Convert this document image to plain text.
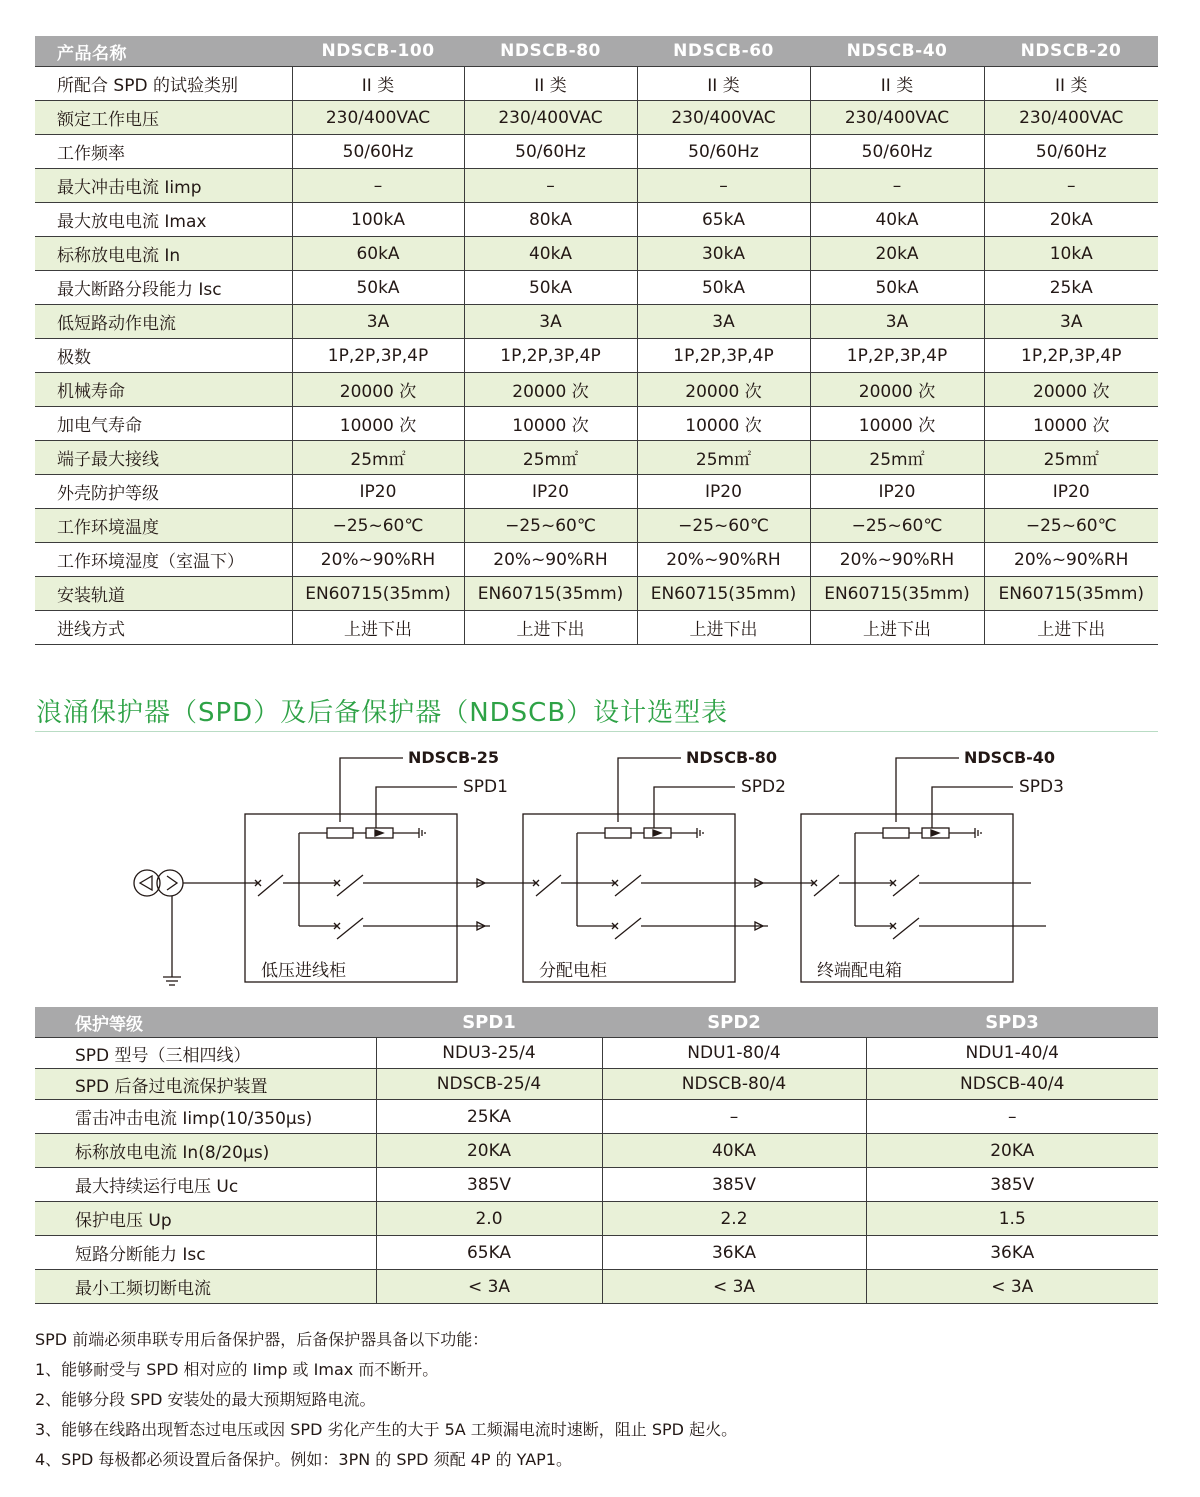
产品名称	NDSCB-100	NDSCB-80	NDSCB-60	NDSCB-40	NDSCB-20
所配合 SPD 的试验类别	II 类	II 类	II 类	II 类	II 类
额定工作电压	230/400VAC	230/400VAC	230/400VAC	230/400VAC	230/400VAC
工作频率	50/60Hz	50/60Hz	50/60Hz	50/60Hz	50/60Hz
最大冲击电流 Iimp	–	–	–	–	–
最大放电电流 Imax	100kA	80kA	65kA	40kA	20kA
标称放电电流 In	60kA	40kA	30kA	20kA	10kA
最大断路分段能力 Isc	50kA	50kA	50kA	50kA	25kA
低短路动作电流	3A	3A	3A	3A	3A
极数	1P,2P,3P,4P	1P,2P,3P,4P	1P,2P,3P,4P	1P,2P,3P,4P	1P,2P,3P,4P
机械寿命	20000 次	20000 次	20000 次	20000 次	20000 次
加电气寿命	10000 次	10000 次	10000 次	10000 次	10000 次
端子最大接线	25m㎡	25m㎡	25m㎡	25m㎡	25m㎡
外壳防护等级	IP20	IP20	IP20	IP20	IP20
工作环境温度	−25~60℃	−25~60℃	−25~60℃	−25~60℃	−25~60℃
工作环境湿度（室温下）	20%~90%RH	20%~90%RH	20%~90%RH	20%~90%RH	20%~90%RH
安装轨道	EN60715(35mm)	EN60715(35mm)	EN60715(35mm)	EN60715(35mm)	EN60715(35mm)
进线方式	上进下出	上进下出	上进下出	上进下出	上进下出
浪涌保护器（SPD）及后备保护器（NDSCB）设计选型表
NDSCB-25
SPD1
低压进线柜
NDSCB-80
SPD2
分配电柜
NDSCB-40
SPD3
终端配电箱
保护等级	SPD1	SPD2	SPD3
SPD 型号（三相四线）	NDU3-25/4	NDU1-80/4	NDU1-40/4
SPD 后备过电流保护装置	NDSCB-25/4	NDSCB-80/4	NDSCB-40/4
雷击冲击电流 Iimp(10/350μs)	25KA	–	–
标称放电电流 In(8/20μs)	20KA	40KA	20KA
最大持续运行电压 Uc	385V	385V	385V
保护电压 Up	2.0	2.2	1.5
短路分断能力 Isc	65KA	36KA	36KA
最小工频切断电流	< 3A	< 3A	< 3A

SPD 前端必须串联专用后备保护器，后备保护器具备以下功能：

1、能够耐受与 SPD 相对应的 Iimp 或 Imax 而不断开。

2、能够分段 SPD 安装处的最大预期短路电流。

3、能够在线路出现暂态过电压或因 SPD 劣化产生的大于 5A 工频漏电流时速断，阻止 SPD 起火。

4、SPD 每极都必须设置后备保护。例如：3PN 的 SPD 须配 4P 的 YAP1。
